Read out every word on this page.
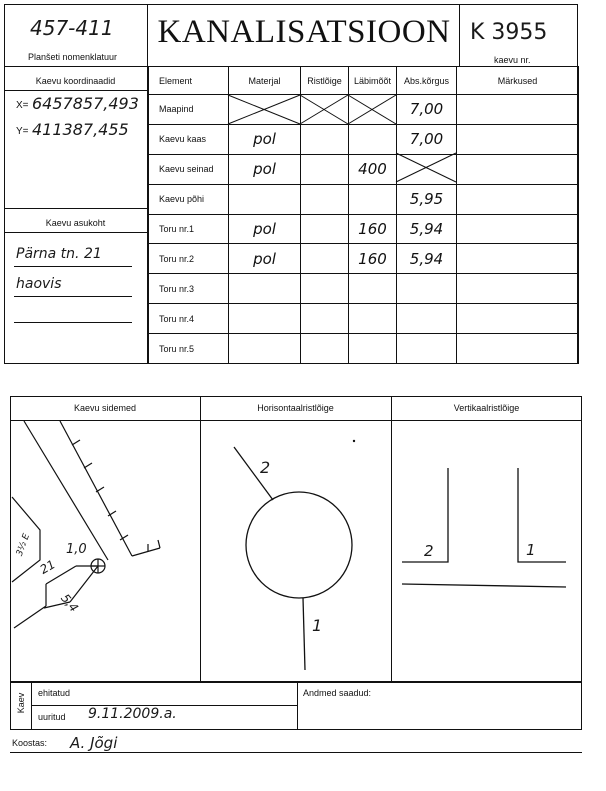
457-411
Planšeti nomenklatuur
KANALISATSIOON K 3955
kaevu nr.
Kaevu koordinaadid
X= 6457857,493
Y= 411387,455
Kaevu asukoht
Pärna tn. 21
haovis
Element	Materjal	Ristlõige	Läbimõõt	Abs.kõrgus	Märkused
Maapind				7,00	
Kaevu kaas	pol			7,00	
Kaevu seinad	pol		400		
Kaevu põhi				5,95	
Toru nr.1	pol		160	5,94	
Toru nr.2	pol		160	5,94	
Toru nr.3					
Toru nr.4					
Toru nr.5					
Kaevu sidemed	Horisontaalristlõige	Vertikaalristlõige
3½ E
21
1,0
5,4
2
1
2	1
Kaev ehitatud
uuritud 9.11.2009.a.
Andmed saadud:
Koostas: A. Jõgi
